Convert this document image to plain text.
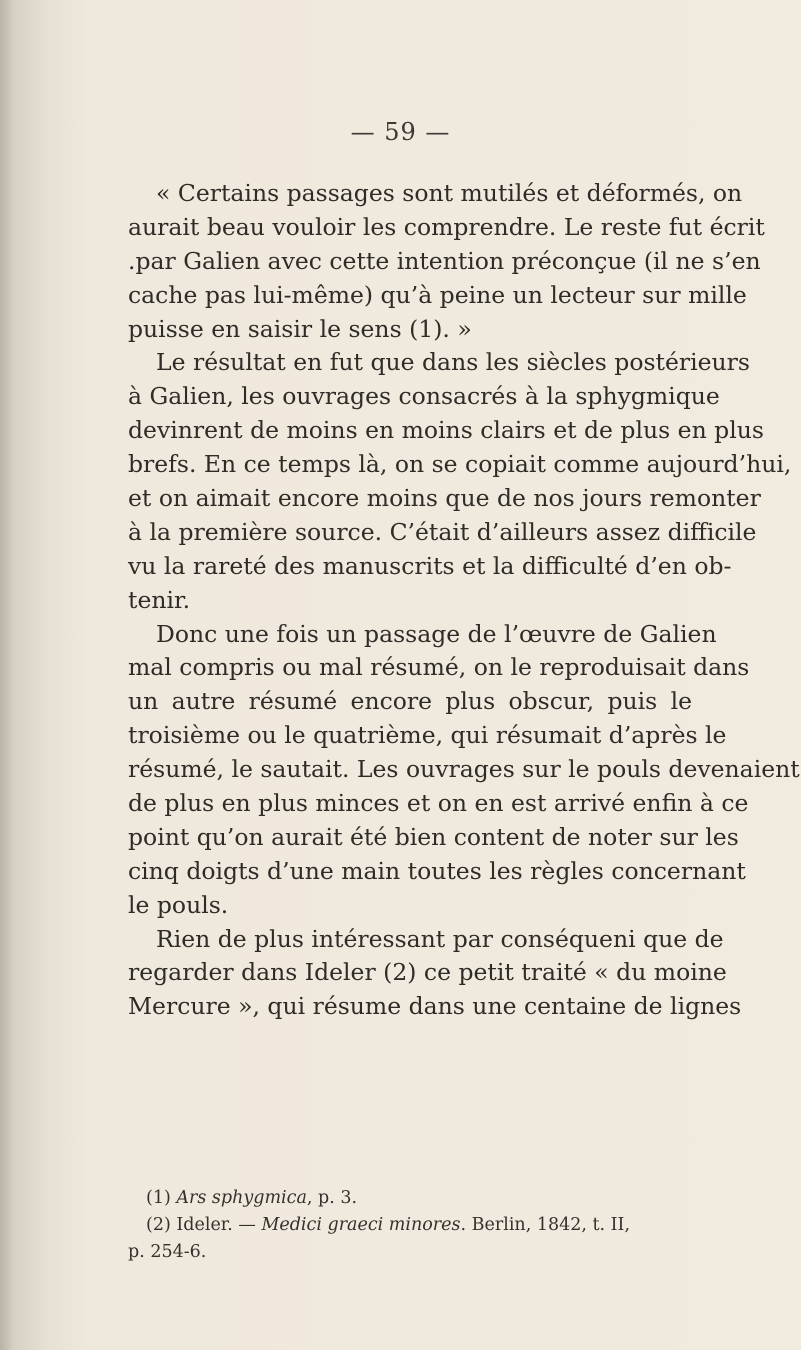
— 59 —
« Certains passages sont mutilés et déformés, on
aurait beau vouloir les comprendre. Le reste fut écrit
.par Galien avec cette intention préconçue (il ne s’en
cache pas lui-même) qu’à peine un lecteur sur mille
puisse en saisir le sens (1). »
Le résultat en fut que dans les siècles postérieurs
à Galien, les ouvrages consacrés à la sphygmique
devinrent de moins en moins clairs et de plus en plus
brefs. En ce temps là, on se copiait comme aujourd’hui,
et on aimait encore moins que de nos jours remonter
à la première source. C’était d’ailleurs assez difficile
vu la rareté des manuscrits et la difficulté d’en ob-
tenir.
Donc une fois un passage de l’œuvre de Galien
mal compris ou mal résumé, on le reproduisait dans
un autre résumé encore plus obscur, puis le
troisième ou le quatrième, qui résumait d’après le
résumé, le sautait. Les ouvrages sur le pouls devenaient
de plus en plus minces et on en est arrivé enfin à ce
point qu’on aurait été bien content de noter sur les
cinq doigts d’une main toutes les règles concernant
le pouls.
Rien de plus intéressant par conséqueni que de
regarder dans Ideler (2) ce petit traité « du moine
Mercure », qui résume dans une centaine de lignes
(1) Ars sphygmica, p. 3.
(2) Ideler. — Medici graeci minores. Berlin, 1842, t. II,
p. 254-6.
